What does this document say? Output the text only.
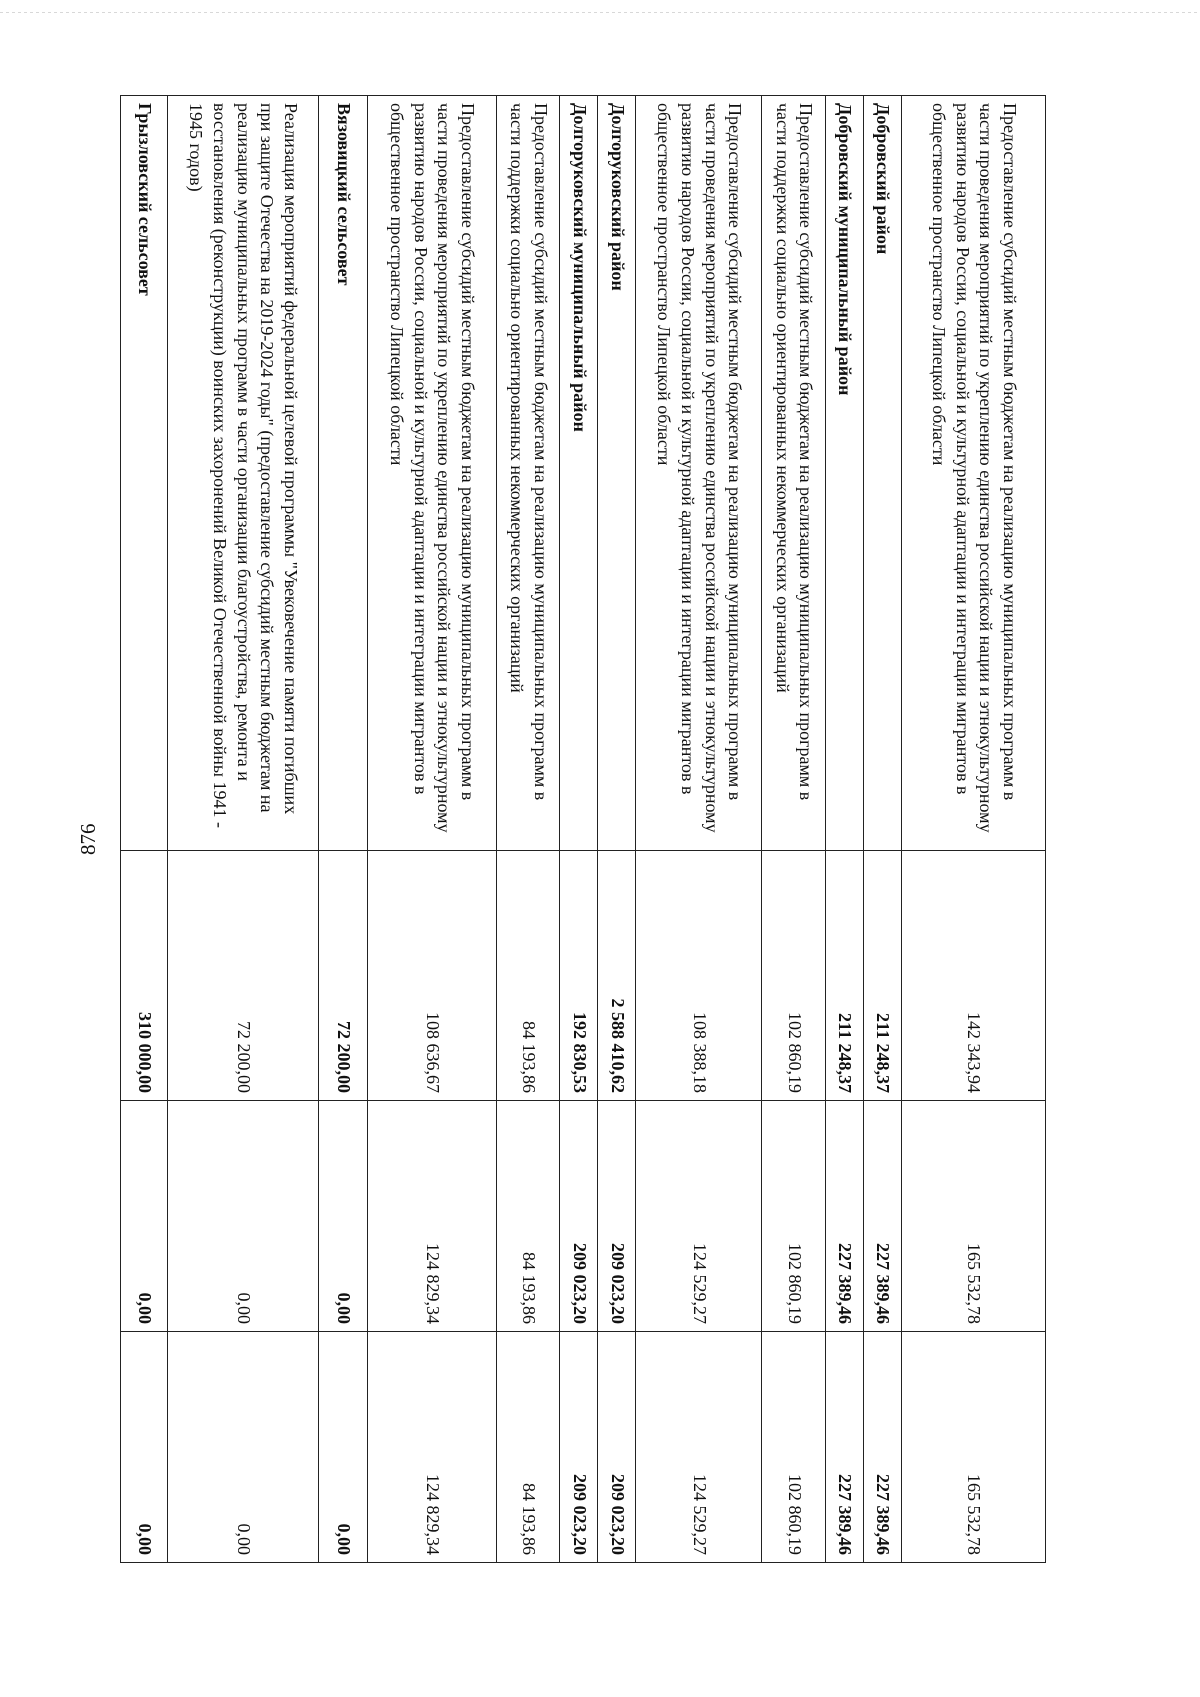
876
Предоставление субсидий местным бюджетам на реализацию муниципальных программ в части проведения мероприятий по укреплению единства российской нации и этнокультурному развитию народов России, социальной и культурной адаптации и интеграции мигрантов в общественное пространство Липецкой области	142 343,94	165 532,78	165 532,78
Добровский район	211 248,37	227 389,46	227 389,46
Добровский муниципальный район	211 248,37	227 389,46	227 389,46
Предоставление субсидий местным бюджетам на реализацию муниципальных программ в части поддержки социально ориентированных некоммерческих организаций	102 860,19	102 860,19	102 860,19
Предоставление субсидий местным бюджетам на реализацию муниципальных программ в части проведения мероприятий по укреплению единства российской нации и этнокультурному развитию народов России, социальной и культурной адаптации и интеграции мигрантов в общественное пространство Липецкой области	108 388,18	124 529,27	124 529,27
Долгоруковский район	2 588 410,62	209 023,20	209 023,20
Долгоруковский муниципальный район	192 830,53	209 023,20	209 023,20
Предоставление субсидий местным бюджетам на реализацию муниципальных программ в части поддержки социально ориентированных некоммерческих организаций	84 193,86	84 193,86	84 193,86
Предоставление субсидий местным бюджетам на реализацию муниципальных программ в части проведения мероприятий по укреплению единства российской нации и этнокультурному развитию народов России, социальной и культурной адаптации и интеграции мигрантов в общественное пространство Липецкой области	108 636,67	124 829,34	124 829,34
Вязовицкий сельсовет	72 200,00	0,00	0,00
Реализация мероприятий федеральной целевой программы "Увековечение памяти погибших при защите Отечества на 2019-2024 годы" (предоставление субсидий местным бюджетам на реализацию муниципальных программ в части организации благоустройства, ремонта и восстановления (реконструкции) воинских захоронений Великой Отечественной войны 1941 - 1945 годов)	72 200,00	0,00	0,00
Грызловский сельсовет	310 000,00	0,00	0,00
